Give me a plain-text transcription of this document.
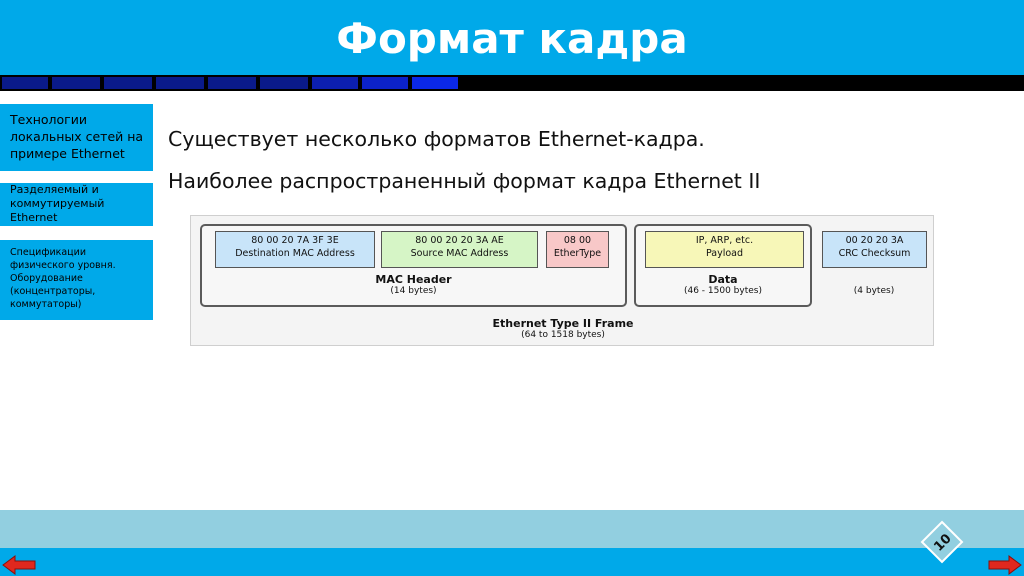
Формат кадра
Технологии локальных сетей на примере Ethernet
Разделяемый и коммутируемый Ethernet
Спецификации физического уровня. Оборудование (концентраторы, коммутаторы)
Существует несколько форматов Ethernet-кадра.
Наиболее распространенный формат кадра Ethernet II
80 00 20 7A 3F 3E
Destination MAC Address
80 00 20 20 3A AE
Source MAC Address
08 00
EtherType
IP, ARP, etc.
Payload
00 20 20 3A
CRC Checksum
MAC Header
(14 bytes)
Data
(46 - 1500 bytes)	(4 bytes)
Ethernet Type II Frame
(64 to 1518 bytes)
10
